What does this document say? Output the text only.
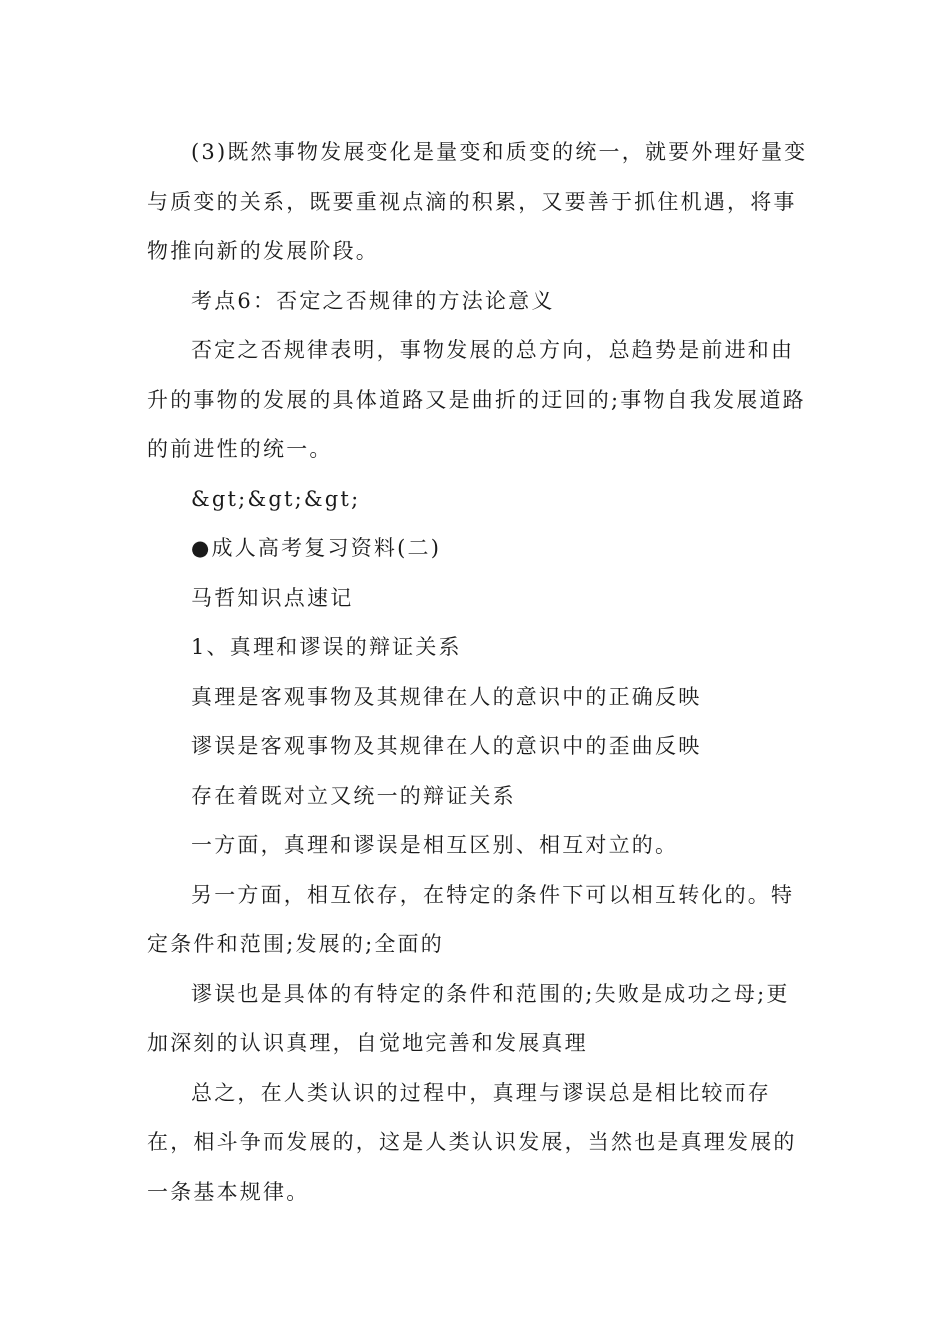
(3)既然事物发展变化是量变和质变的统一，就要外理好量变与质变的关系，既要重视点滴的积累，又要善于抓住机遇，将事物推向新的发展阶段。

考点6：否定之否规律的方法论意义

否定之否规律表明，事物发展的总方向，总趋势是前进和由升的事物的发展的具体道路又是曲折的迂回的;事物自我发展道路的前进性的统一。

&gt;&gt;&gt;

●成人高考复习资料(二)

马哲知识点速记

1、真理和谬误的辩证关系

真理是客观事物及其规律在人的意识中的正确反映

谬误是客观事物及其规律在人的意识中的歪曲反映

存在着既对立又统一的辩证关系

一方面，真理和谬误是相互区别、相互对立的。

另一方面，相互依存，在特定的条件下可以相互转化的。特定条件和范围;发展的;全面的

谬误也是具体的有特定的条件和范围的;失败是成功之母;更加深刻的认识真理，自觉地完善和发展真理

总之，在人类认识的过程中，真理与谬误总是相比较而存在，相斗争而发展的，这是人类认识发展，当然也是真理发展的一条基本规律。
